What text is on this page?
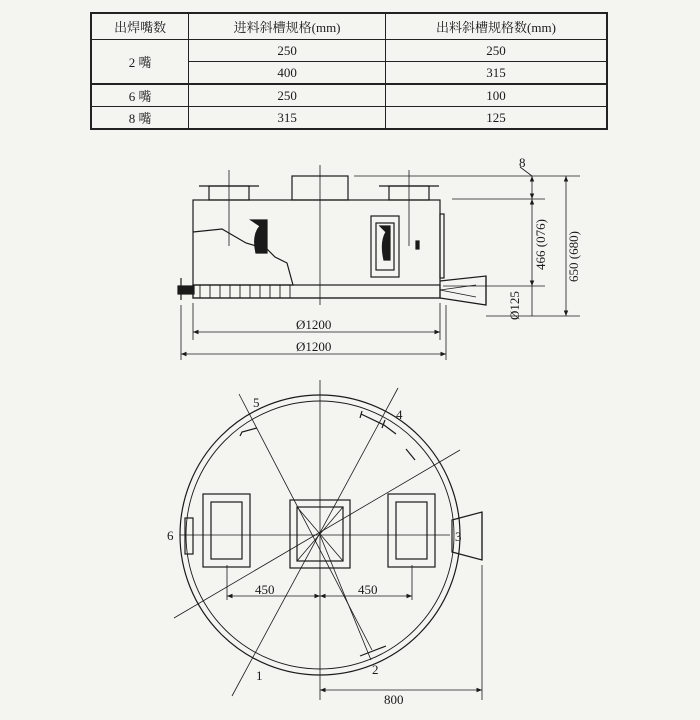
出焊嘴数	进料斜槽规格(mm)	出料斜槽规格数(mm)
2 嘴	250	250
	400	315
6 嘴	250	100
8 嘴	315	125
8
466 (076) 650 (680)
Ø125
Ø1200
Ø1200
5
4
6	3
2
1
450	450
800
